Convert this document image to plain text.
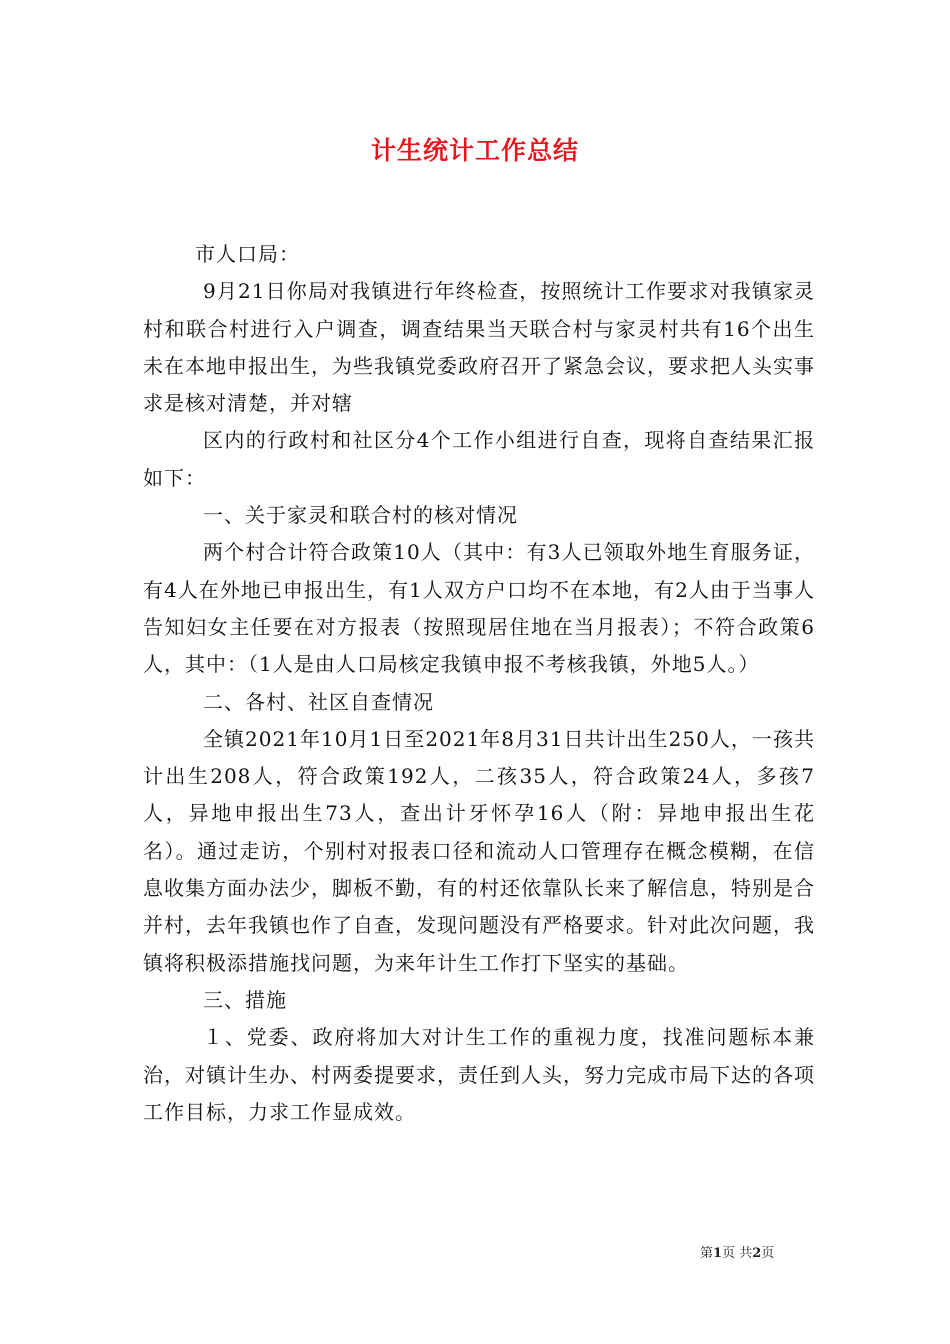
计生统计工作总结

市人口局：

9月21日你局对我镇进行年终检查，按照统计工作要求对我镇家灵村和联合村进行入户调查，调查结果当天联合村与家灵村共有16个出生未在本地申报出生，为些我镇党委政府召开了紧急会议，要求把人头实事求是核对清楚，并对辖

区内的行政村和社区分4个工作小组进行自查，现将自查结果汇报如下：

一、关于家灵和联合村的核对情况

两个村合计符合政策10人（其中：有3人已领取外地生育服务证，有4人在外地已申报出生，有1人双方户口均不在本地，有2人由于当事人告知妇女主任要在对方报表（按照现居住地在当月报表）；不符合政策6人，其中：（1人是由人口局核定我镇申报不考核我镇，外地5人。）

二、各村、社区自查情况

全镇2021年10月1日至2021年8月31日共计出生250人，一孩共计出生208人，符合政策192人，二孩35人，符合政策24人，多孩7人，异地申报出生73人，查出计牙怀孕16人（附：异地申报出生花名）。通过走访，个别村对报表口径和流动人口管理存在概念模糊，在信息收集方面办法少，脚板不勤，有的村还依靠队长来了解信息，特别是合并村，去年我镇也作了自查，发现问题没有严格要求。针对此次问题，我镇将积极添措施找问题，为来年计生工作打下坚实的基础。

三、措施

１、党委、政府将加大对计生工作的重视力度，找准问题标本兼治，对镇计生办、村两委提要求，责任到人头，努力完成市局下达的各项工作目标，力求工作显成效。

第1页 共2页
